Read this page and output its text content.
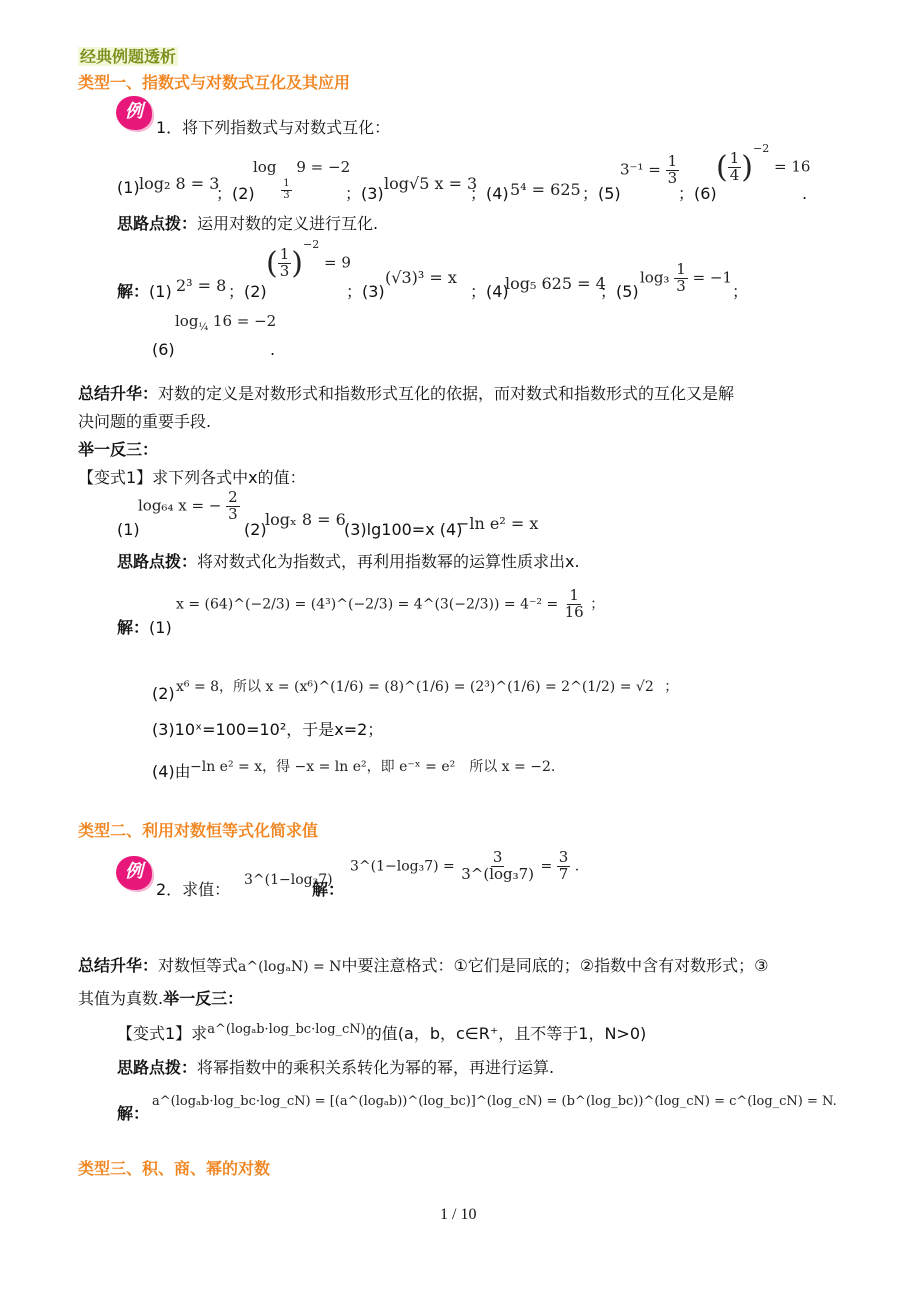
经典例题透析
类型一、指数式与对数式互化及其应用
例
1．将下列指数式与对数式互化：
(1) log₂ 8 = 3
；(2)
log
$\frac{1}{3}$
9 = −2
；(3)
log√5 x = 3
；(4) 5⁴ = 625 ；(5)
$3^{-1} = \frac{1}{3}$
；(6)
( $\frac{1}{4} )^{-2} = 16$
.
思路点拨：运用对数的定义进行互化.
解：(1) 2³ = 8 ；(2)
( $\frac{1}{3} )^{-2} = 9$
；(3)
(√3)³ = x
；(4)
log₅ 625 = 4
；(5)
$\log_3 \frac{1}{3} = -1$
；
$\log_{\frac{1}{4}} 16 = -2$
(6)	.
总结升华：对数的定义是对数形式和指数形式互化的依据，而对数式和指数形式的互化又是解
决问题的重要手段.
举一反三：
【变式1】求下列各式中x的值：
(1)
log₆₄ x = − $\frac{2}{3}$
(2)
logₓ 8 = 6
(3)lg100=x (4)
−ln e² = x
思路点拨：将对数式化为指数式，再利用指数幂的运算性质求出x.
解：(1)
x = (64)^(−2/3) = (4³)^(−2/3) = 4^(3(−2/3)) = $4^{-2} = \frac{1}{16}$ ；
(2) x⁶ = 8，所以 x = (x⁶)^(1/6) = (8)^(1/6) = (2³)^(1/6) = 2^(1/2) = √2 ；
(3)10ˣ=100=10²，于是x=2；
(4)由 −ln e² = x，得 −x = ln e²，即 e⁻ˣ = e²　所以 x = −2.
类型二、利用对数恒等式化简求值
例
2．求值： 3^(1−log₃7)
解：
3^(1−log₃7) = $\frac{3}{\text{3\textasciicircum{}(log₃7)}} = \frac{3}{7}$ .
总结升华：对数恒等式a^(logₐN) = N中要注意格式：①它们是同底的；②指数中含有对数形式；③
其值为真数.举一反三：
【变式1】求$^{a\^{}(log_ab\cdot log\_bc\cdot log\_cN)}$的值(a，b，c∈R⁺，且不等于1，N>0)
思路点拨：将幂指数中的乘积关系转化为幂的幂，再进行运算.
解：
a^(logₐb·log_bc·log_cN) = [(a^(logₐb))^(log_bc)]^(log_cN) = (b^(log_bc))^(log_cN) = c^(log_cN) = N.
类型三、积、商、幂的对数
1 / 10
